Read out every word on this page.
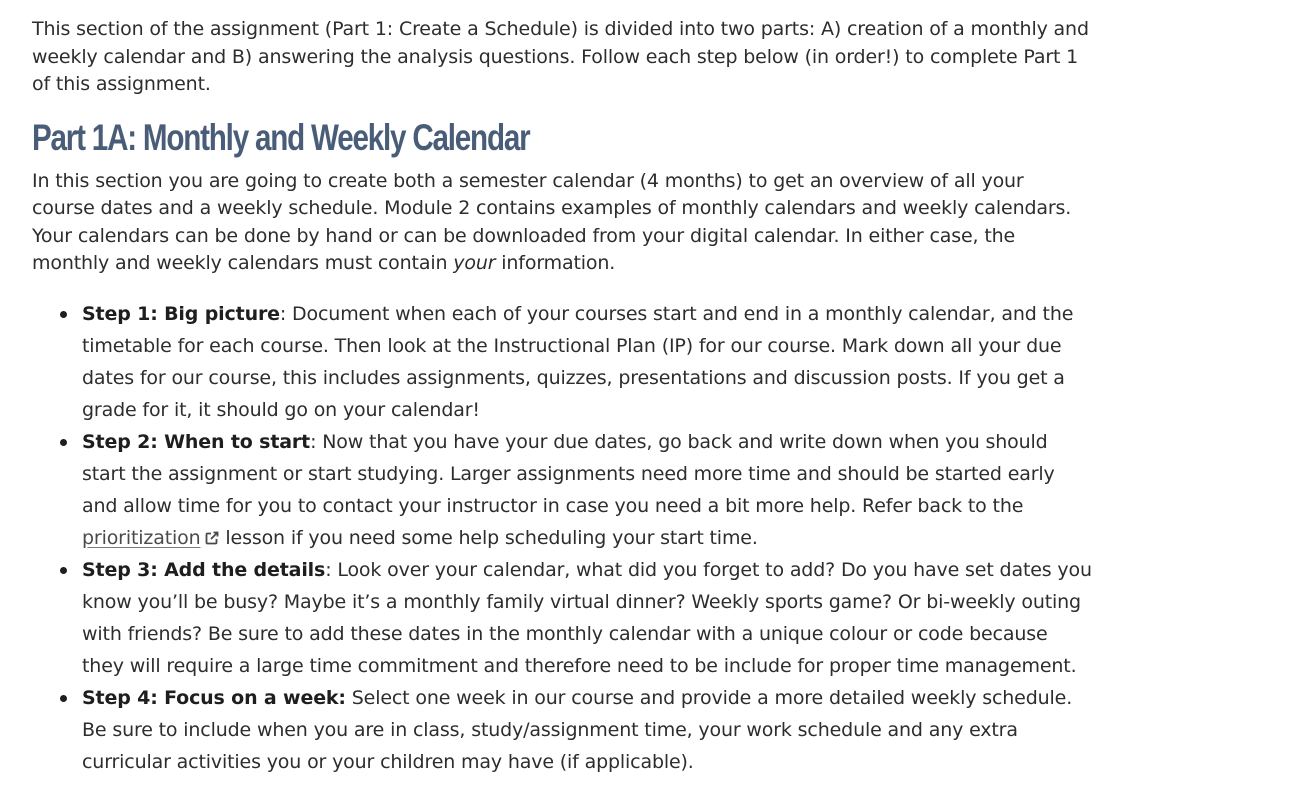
This section of the assignment (Part 1: Create a Schedule) is divided into two parts: A) creation of a monthly and weekly calendar and B) answering the analysis questions. Follow each step below (in order!) to complete Part 1 of this assignment.

Part 1A: Monthly and Weekly Calendar

In this section you are going to create both a semester calendar (4 months) to get an overview of all your course dates and a weekly schedule. Module 2 contains examples of monthly calendars and weekly calendars. Your calendars can be done by hand or can be downloaded from your digital calendar. In either case, the monthly and weekly calendars must contain your information.

Step 1: Big picture: Document when each of your courses start and end in a monthly calendar, and the timetable for each course. Then look at the Instructional Plan (IP) for our course. Mark down all your due dates for our course, this includes assignments, quizzes, presentations and discussion posts. If you get a grade for it, it should go on your calendar!
Step 2: When to start: Now that you have your due dates, go back and write down when you should start the assignment or start studying. Larger assignments need more time and should be started early and allow time for you to contact your instructor in case you need a bit more help. Refer back to the prioritization lesson if you need some help scheduling your start time.
Step 3: Add the details: Look over your calendar, what did you forget to add? Do you have set dates you know you’ll be busy? Maybe it’s a monthly family virtual dinner? Weekly sports game? Or bi-weekly outing with friends? Be sure to add these dates in the monthly calendar with a unique colour or code because they will require a large time commitment and therefore need to be include for proper time management.
Step 4: Focus on a week: Select one week in our course and provide a more detailed weekly schedule. Be sure to include when you are in class, study/assignment time, your work schedule and any extra curricular activities you or your children may have (if applicable).
